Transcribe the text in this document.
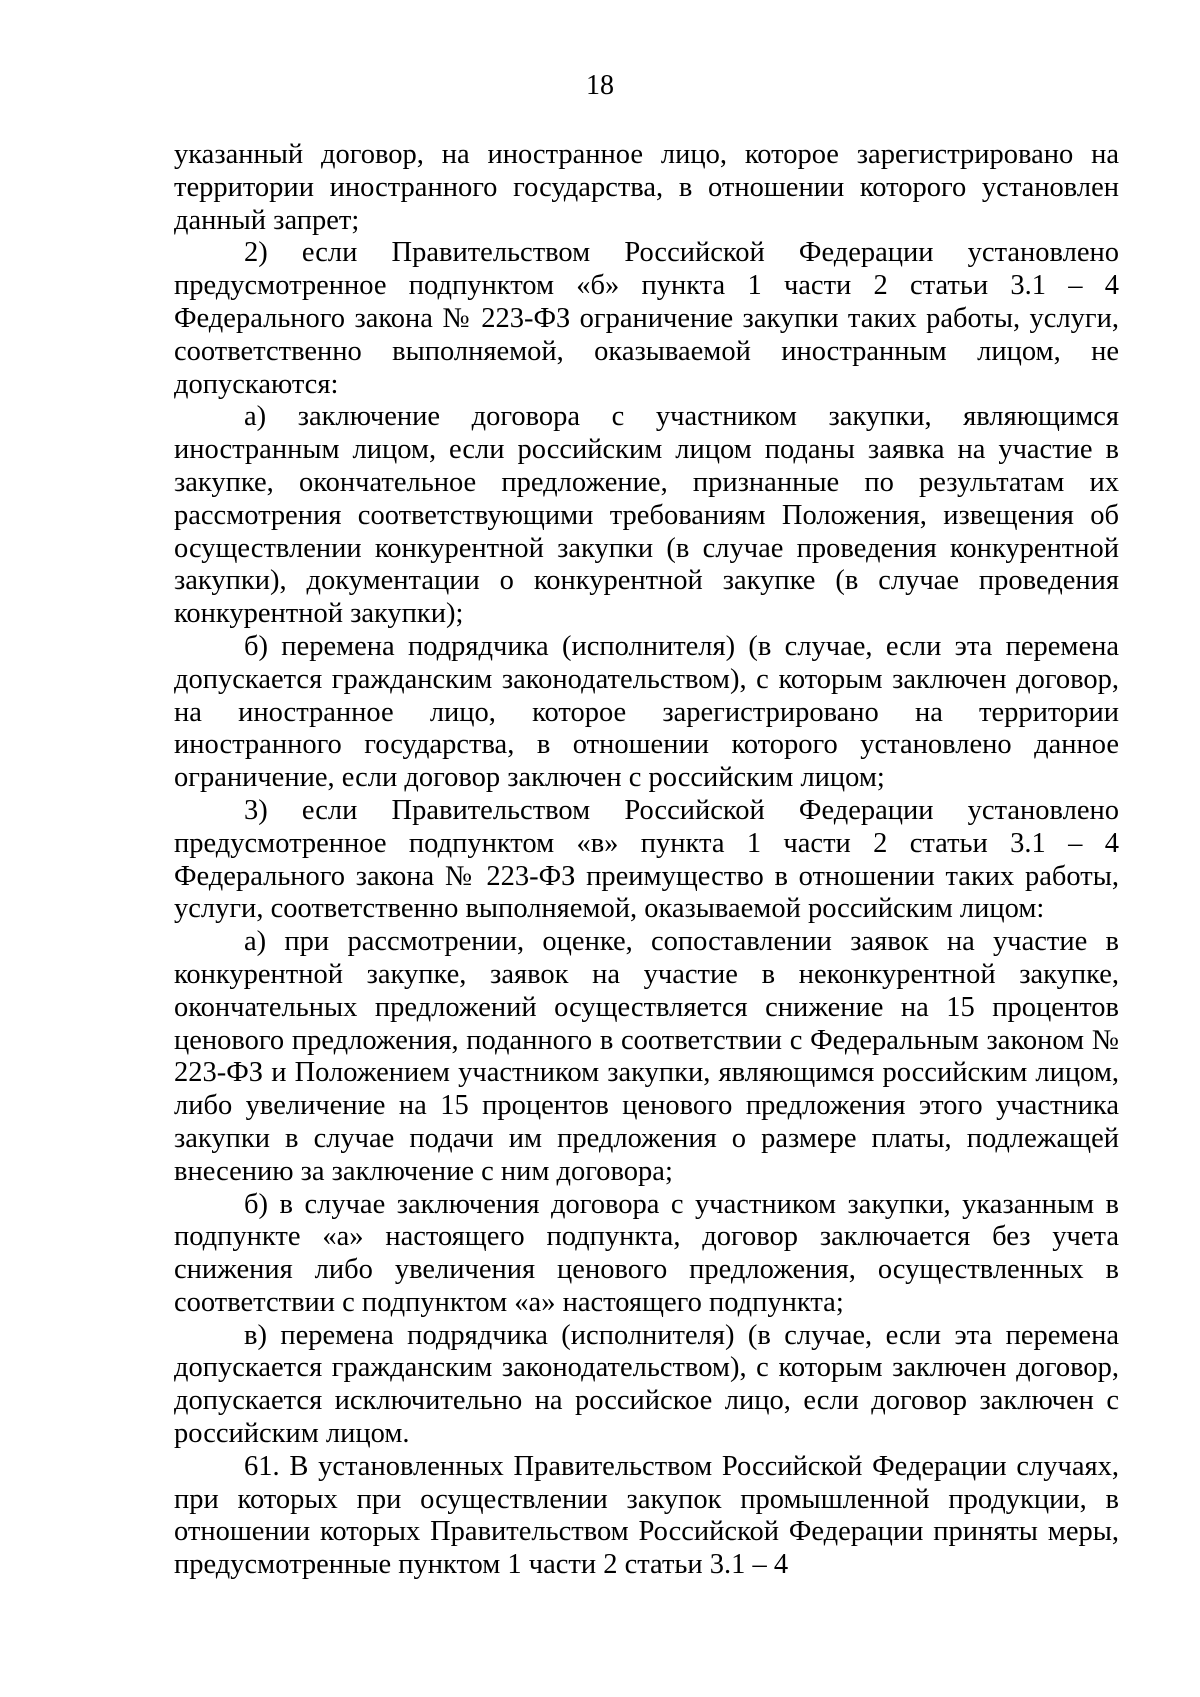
18

указанный договор, на иностранное лицо, которое зарегистрировано на территории иностранного государства, в отношении которого установлен данный запрет;

2) если Правительством Российской Федерации установлено предусмотренное подпунктом «б» пункта 1 части 2 статьи 3.1 – 4 Федерального закона № 223-ФЗ ограничение закупки таких работы, услуги, соответственно выполняемой, оказываемой иностранным лицом, не допускаются:

а) заключение договора с участником закупки, являющимся иностранным лицом, если российским лицом поданы заявка на участие в закупке, окончательное предложение, признанные по результатам их рассмотрения соответствующими требованиям Положения, извещения об осуществлении конкурентной закупки (в случае проведения конкурентной закупки), документации о конкурентной закупке (в случае проведения конкурентной закупки);

б) перемена подрядчика (исполнителя) (в случае, если эта перемена допускается гражданским законодательством), с которым заключен договор, на иностранное лицо, которое зарегистрировано на территории иностранного государства, в отношении которого установлено данное ограничение, если договор заключен с российским лицом;

3) если Правительством Российской Федерации установлено предусмотренное подпунктом «в» пункта 1 части 2 статьи 3.1 – 4 Федерального закона № 223-ФЗ преимущество в отношении таких работы, услуги, соответственно выполняемой, оказываемой российским лицом:

а) при рассмотрении, оценке, сопоставлении заявок на участие в конкурентной закупке, заявок на участие в неконкурентной закупке, окончательных предложений осуществляется снижение на 15 процентов ценового предложения, поданного в соответствии с Федеральным законом № 223-ФЗ и Положением участником закупки, являющимся российским лицом, либо увеличение на 15 процентов ценового предложения этого участника закупки в случае подачи им предложения о размере платы, подлежащей внесению за заключение с ним договора;

б) в случае заключения договора с участником закупки, указанным в подпункте «а» настоящего подпункта, договор заключается без учета снижения либо увеличения ценового предложения, осуществленных в соответствии с подпунктом «а» настоящего подпункта;

в) перемена подрядчика (исполнителя) (в случае, если эта перемена допускается гражданским законодательством), с которым заключен договор, допускается исключительно на российское лицо, если договор заключен с российским лицом.

61. В установленных Правительством Российской Федерации случаях, при которых при осуществлении закупок промышленной продукции, в отношении которых Правительством Российской Федерации приняты меры, предусмотренные пунктом 1 части 2 статьи 3.1 – 4
